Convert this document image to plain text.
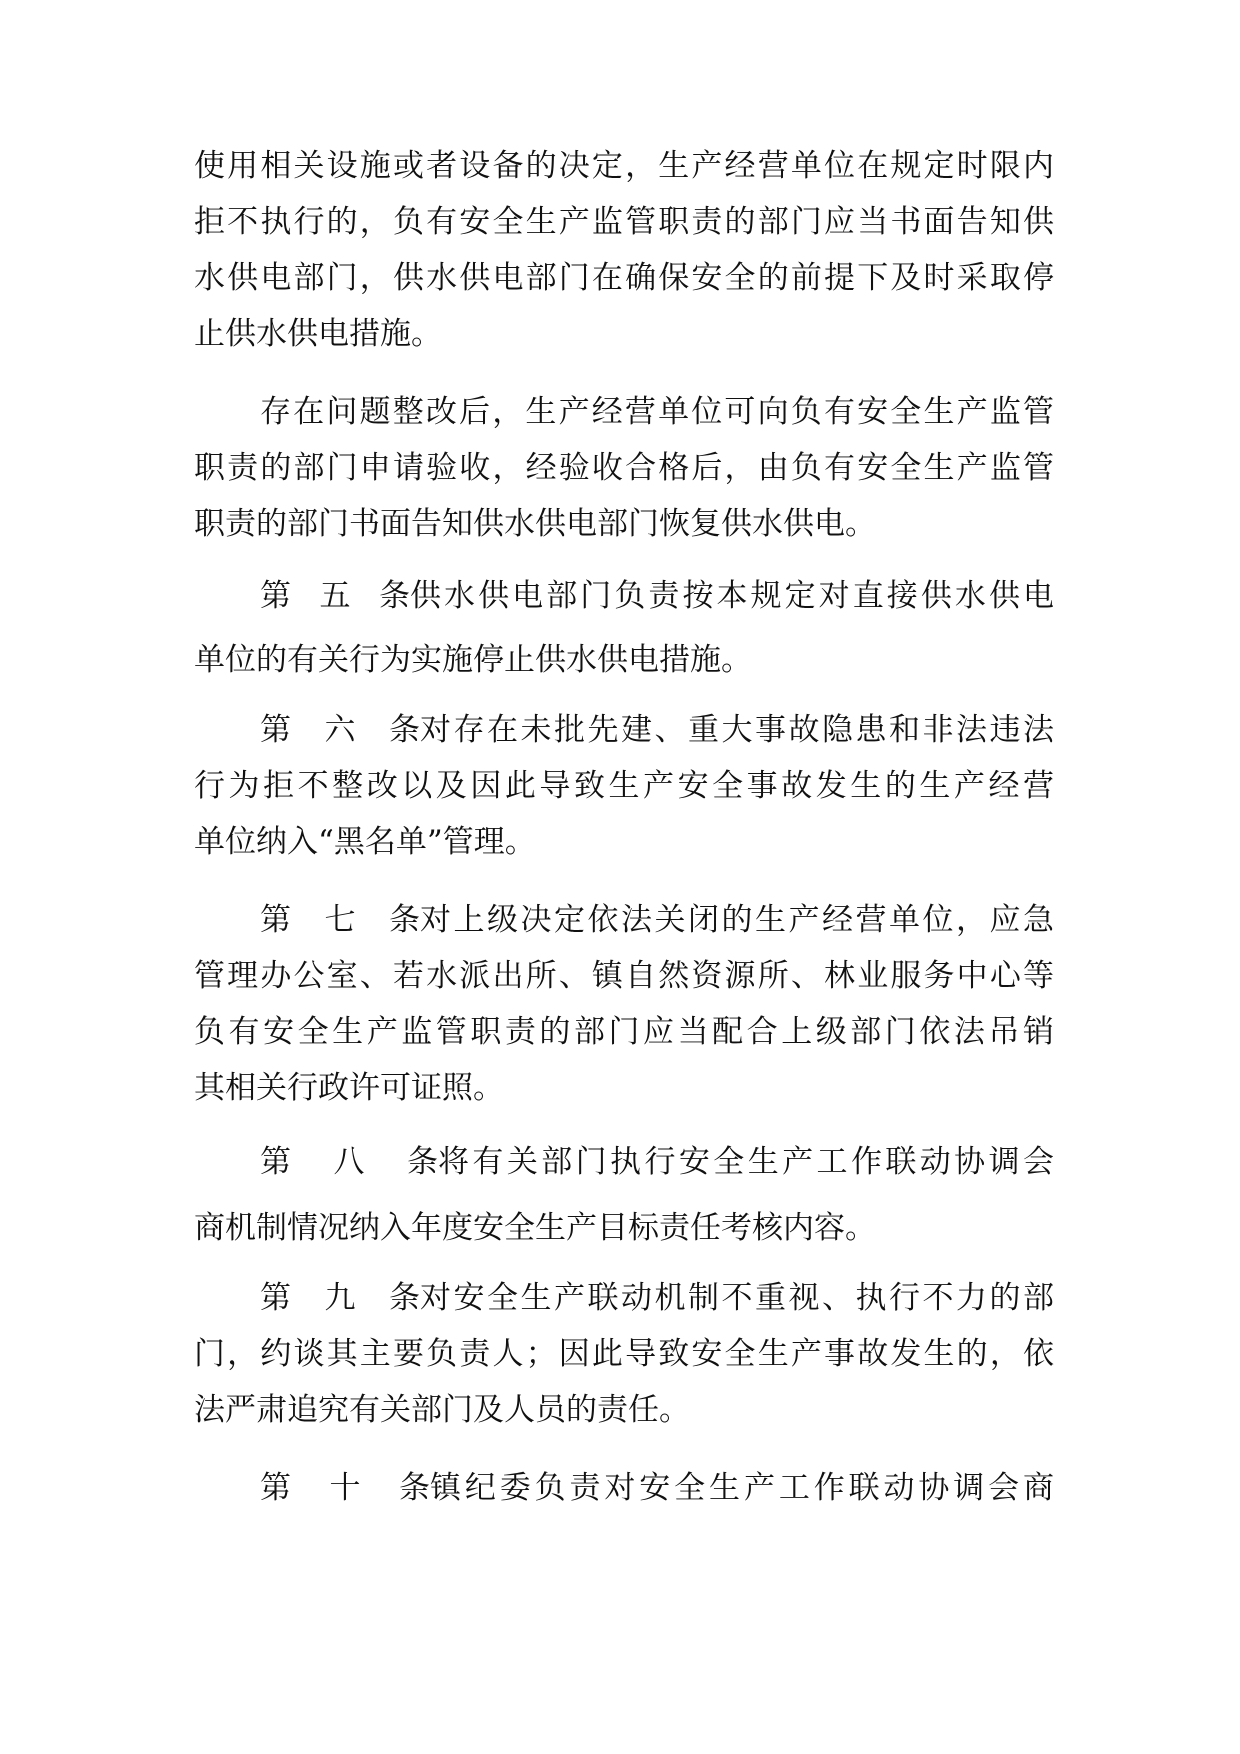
使用相关设施或者设备的决定，生产经营单位在规定时限内
拒不执行的，负有安全生产监管职责的部门应当书面告知供
水供电部门，供水供电部门在确保安全的前提下及时采取停
止供水供电措施。
存在问题整改后，生产经营单位可向负有安全生产监管
职责的部门申请验收，经验收合格后，由负有安全生产监管
职责的部门书面告知供水供电部门恢复供水供电。
第五条供水供电部门负责按本规定对直接供水供电
单位的有关行为实施停止供水供电措施。
第六条对存在未批先建、重大事故隐患和非法违法
行为拒不整改以及因此导致生产安全事故发生的生产经营
单位纳入“黑名单”管理。
第七条对上级决定依法关闭的生产经营单位，应急
管理办公室、若水派出所、镇自然资源所、林业服务中心等
负有安全生产监管职责的部门应当配合上级部门依法吊销
其相关行政许可证照。
第八条将有关部门执行安全生产工作联动协调会
商机制情况纳入年度安全生产目标责任考核内容。
第九条对安全生产联动机制不重视、执行不力的部
门，约谈其主要负责人；因此导致安全生产事故发生的，依
法严肃追究有关部门及人员的责任。
第十条镇纪委负责对安全生产工作联动协调会商
